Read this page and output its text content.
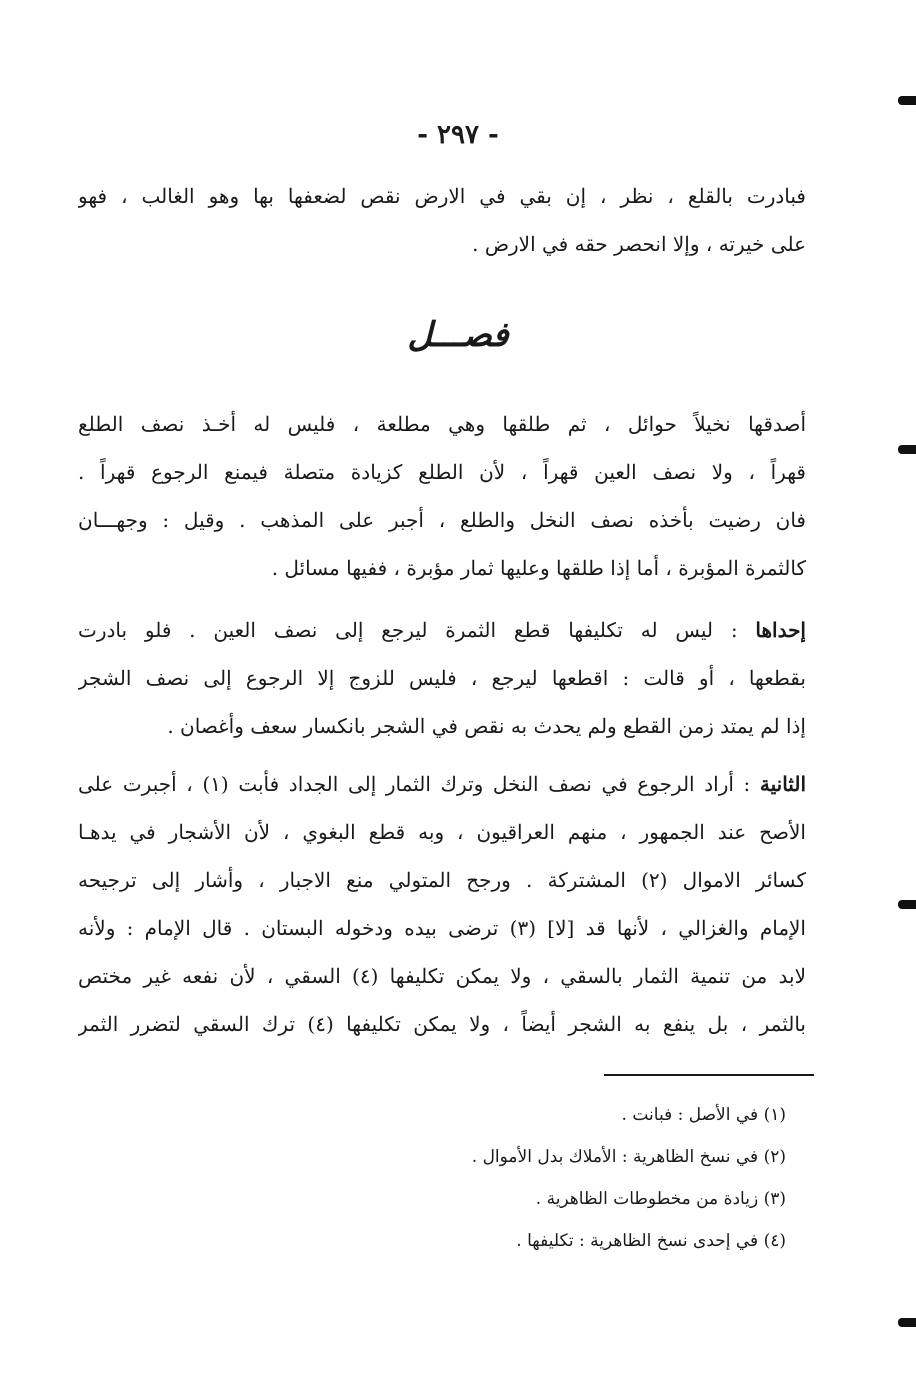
- ٢٩٧ -
فبادرت بالقلع ، نظر ، إن بقي في الارض نقص لضعفها بها وهو الغالب ، فهو
على خيرته ، وإلا انحصر حقه في الارض .
فصـــل
أصدقها نخيلاً حوائل ، ثم طلقها وهي مطلعة ، فليس له أخـذ نصف الطلع
قهراً ، ولا نصف العين قهراً ، لأن الطلع كزيادة متصلة فيمنع الرجوع قهراً .
فان رضيت بأخذه نصف النخل والطلع ، أجبر على المذهب . وقيل : وجهـــان
كالثمرة المؤبرة ، أما إذا طلقها وعليها ثمار مؤبرة ، ففيها مسائل .
إحداها : ليس له تكليفها قطع الثمرة ليرجع إلى نصف العين . فلو بادرت
بقطعها ، أو قالت : اقطعها ليرجع ، فليس للزوج إلا الرجوع إلى نصف الشجر
إذا لم يمتد زمن القطع ولم يحدث به نقص في الشجر بانكسار سعف وأغصان .
الثانية : أراد الرجوع في نصف النخل وترك الثمار إلى الجداد فأبت (١) ، أجبرت على
الأصح عند الجمهور ، منهم العراقيون ، وبه قطع البغوي ، لأن الأشجار في يدهـا
كسائر الاموال (٢) المشتركة . ورجح المتولي منع الاجبار ، وأشار إلى ترجيحه
الإمام والغزالي ، لأنها قد [لا] (٣) ترضى بيده ودخوله البستان . قال الإمام : ولأنه
لابد من تنمية الثمار بالسقي ، ولا يمكن تكليفها (٤) السقي ، لأن نفعه غير مختص
بالثمر ، بل ينفع به الشجر أيضاً ، ولا يمكن تكليفها (٤) ترك السقي لتضرر الثمر
(١) في الأصل : فبانت .
(٢) في نسخ الظاهرية : الأملاك بدل الأموال .
(٣) زيادة من مخطوطات الظاهرية .
(٤) في إحدى نسخ الظاهرية : تكليفها .
